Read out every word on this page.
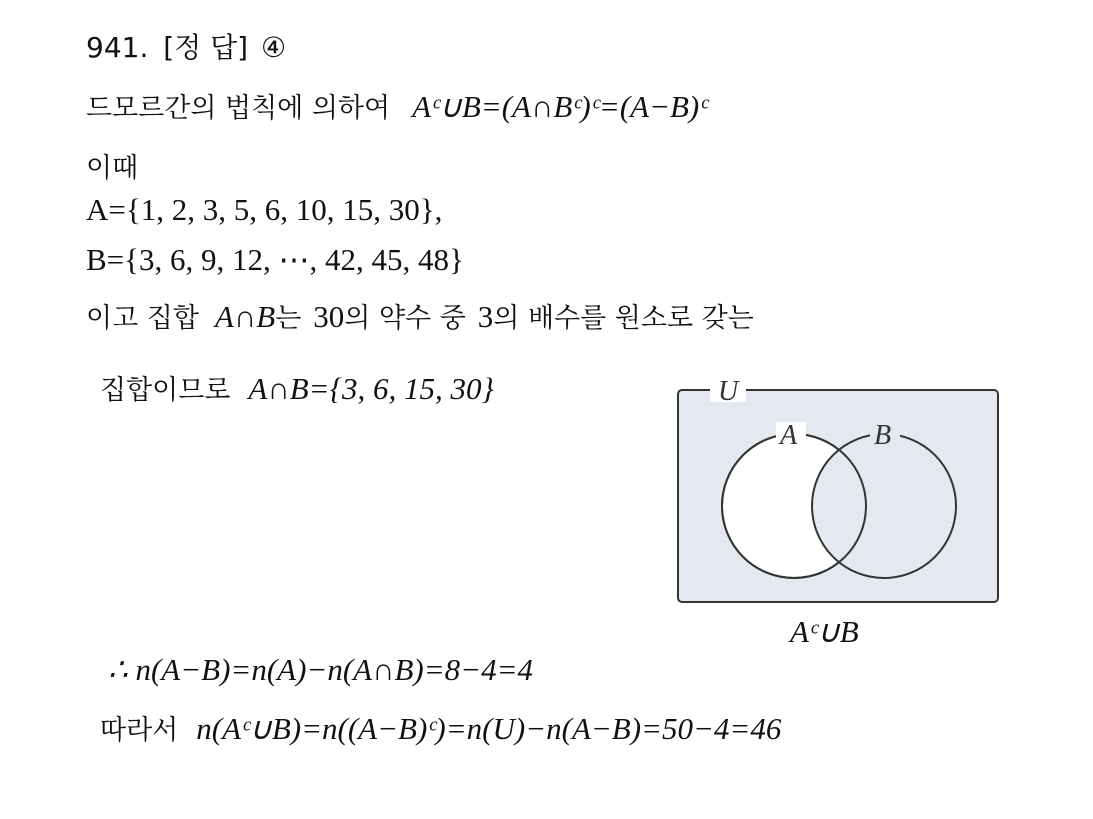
941. [정 답] ④
드모르간의 법칙에 의하여 Aᶜ∪B=(A∩Bᶜ)ᶜ=(A−B)ᶜ
이때
A={1, 2, 3, 5, 6, 10, 15, 30},
B={3, 6, 9, 12, ⋯, 42, 45, 48}
이고 집합 A∩B는 30의 약수 중 3의 배수를 원소로 갖는
집합이므로 A∩B={3, 6, 15, 30}	U
A	B
Aᶜ∪B
∴ n(A−B)=n(A)−n(A∩B)=8−4=4
따라서 n(Aᶜ∪B)=n((A−B)ᶜ)=n(U)−n(A−B)=50−4=46
